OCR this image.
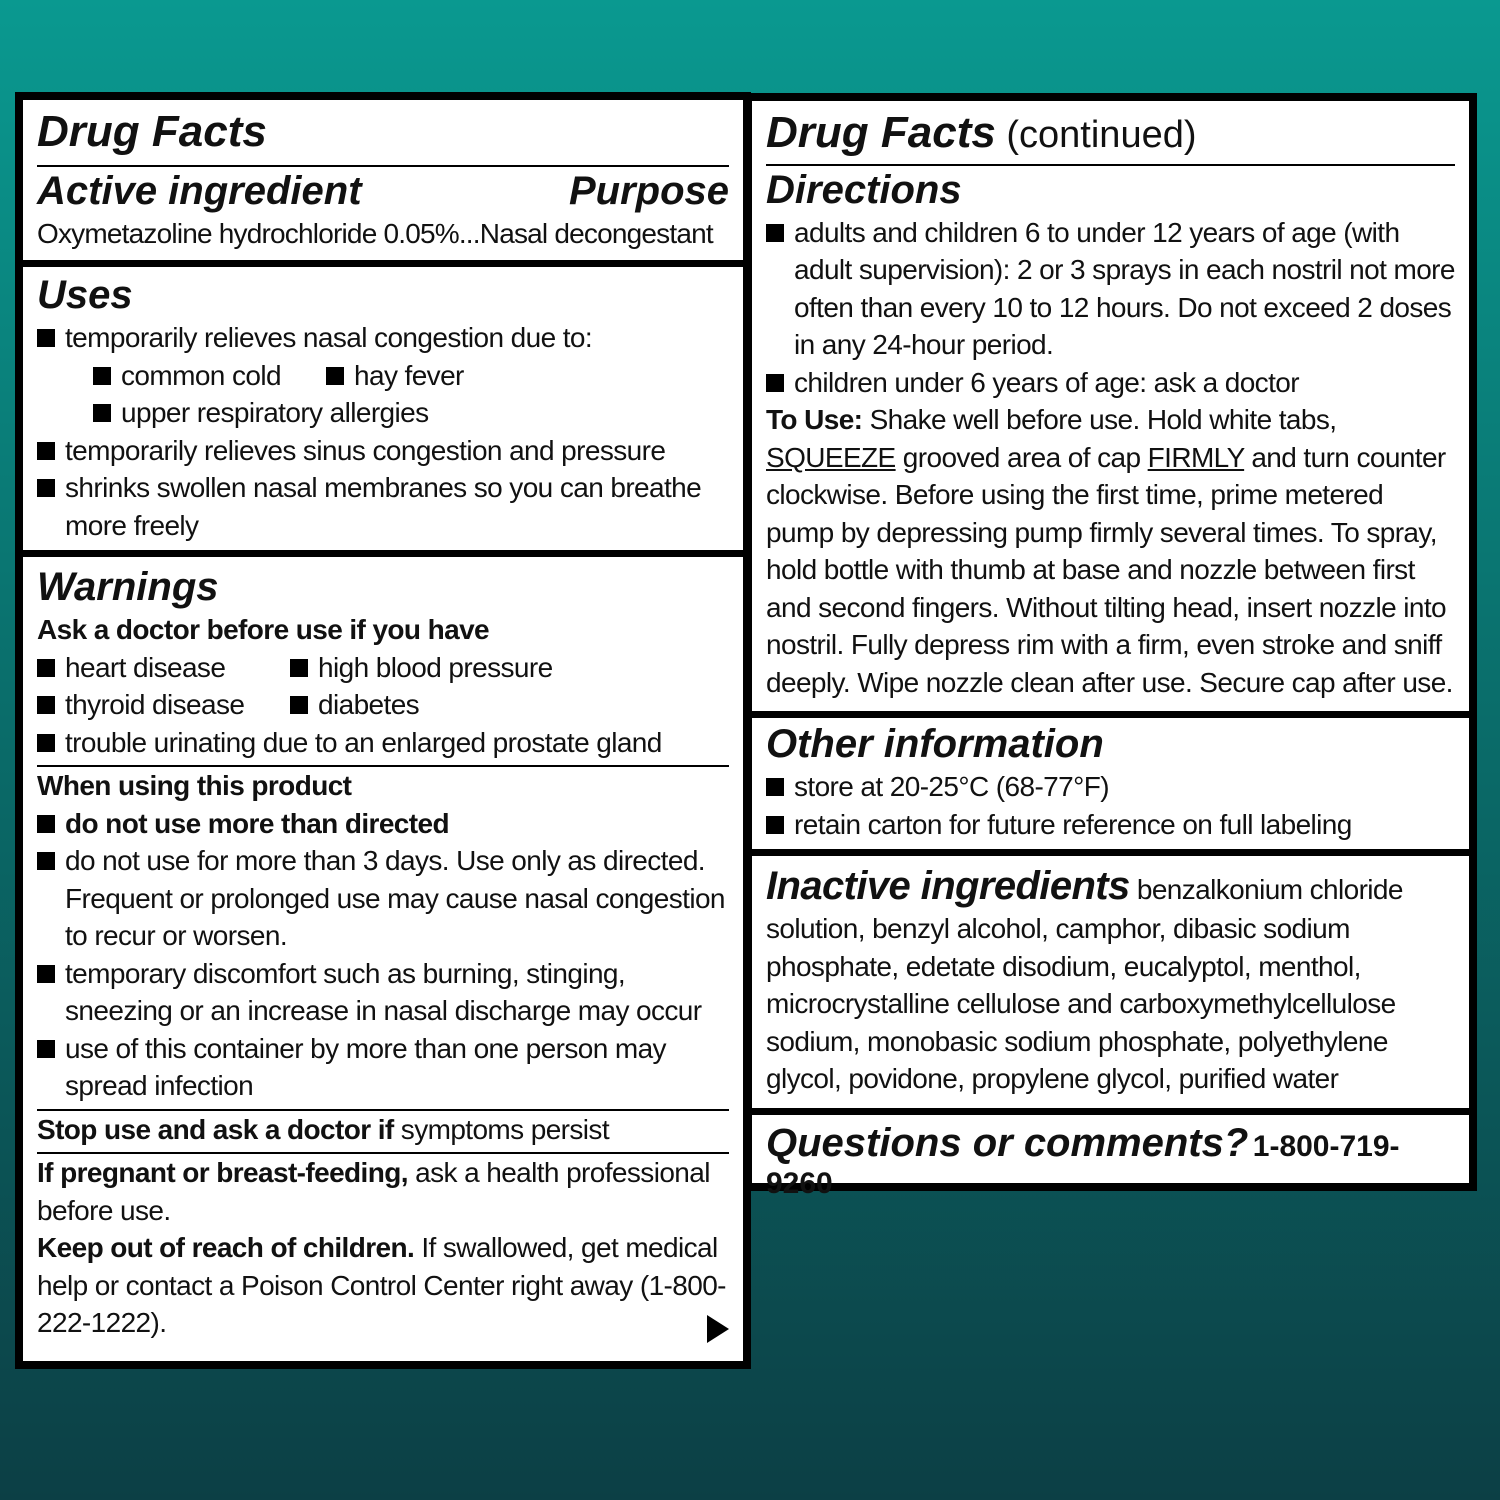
Drug Facts
Active ingredient	Purpose
Oxymetazoline hydrochloride 0.05%...Nasal decongestant
Uses
temporarily relieves nasal congestion due to:
common cold	hay fever
upper respiratory allergies
temporarily relieves sinus congestion and pressure
shrinks swollen nasal membranes so you can breathe more freely
Warnings
Ask a doctor before use if you have
heart disease	high blood pressure
thyroid disease	diabetes
trouble urinating due to an enlarged prostate gland
When using this product
do not use more than directed
do not use for more than 3 days. Use only as directed. Frequent or prolonged use may cause nasal congestion to recur or worsen.
temporary discomfort such as burning, stinging, sneezing or an increase in nasal discharge may occur
use of this container by more than one person may spread infection
Stop use and ask a doctor if symptoms persist
If pregnant or breast-feeding, ask a health professional before use.
Keep out of reach of children. If swallowed, get medical help or contact a Poison Control Center right away (1-800-222-1222).
Drug Facts (continued)
Directions
adults and children 6 to under 12 years of age (with adult supervision): 2 or 3 sprays in each nostril not more often than every 10 to 12 hours. Do not exceed 2 doses in any 24-hour period.
children under 6 years of age: ask a doctor
To Use: Shake well before use. Hold white tabs, SQUEEZE grooved area of cap FIRMLY and turn counter clockwise. Before using the first time, prime metered pump by depressing pump firmly several times. To spray, hold bottle with thumb at base and nozzle between first and second fingers. Without tilting head, insert nozzle into nostril. Fully depress rim with a firm, even stroke and sniff deeply. Wipe nozzle clean after use. Secure cap after use.
Other information
store at 20-25°C (68-77°F)
retain carton for future reference on full labeling
Inactive ingredients benzalkonium chloride solution, benzyl alcohol, camphor, dibasic sodium phosphate, edetate disodium, eucalyptol, menthol, microcrystalline cellulose and carboxymethylcellulose sodium, monobasic sodium phosphate, polyethylene glycol, povidone, propylene glycol, purified water
Questions or comments? 1-800-719-9260
